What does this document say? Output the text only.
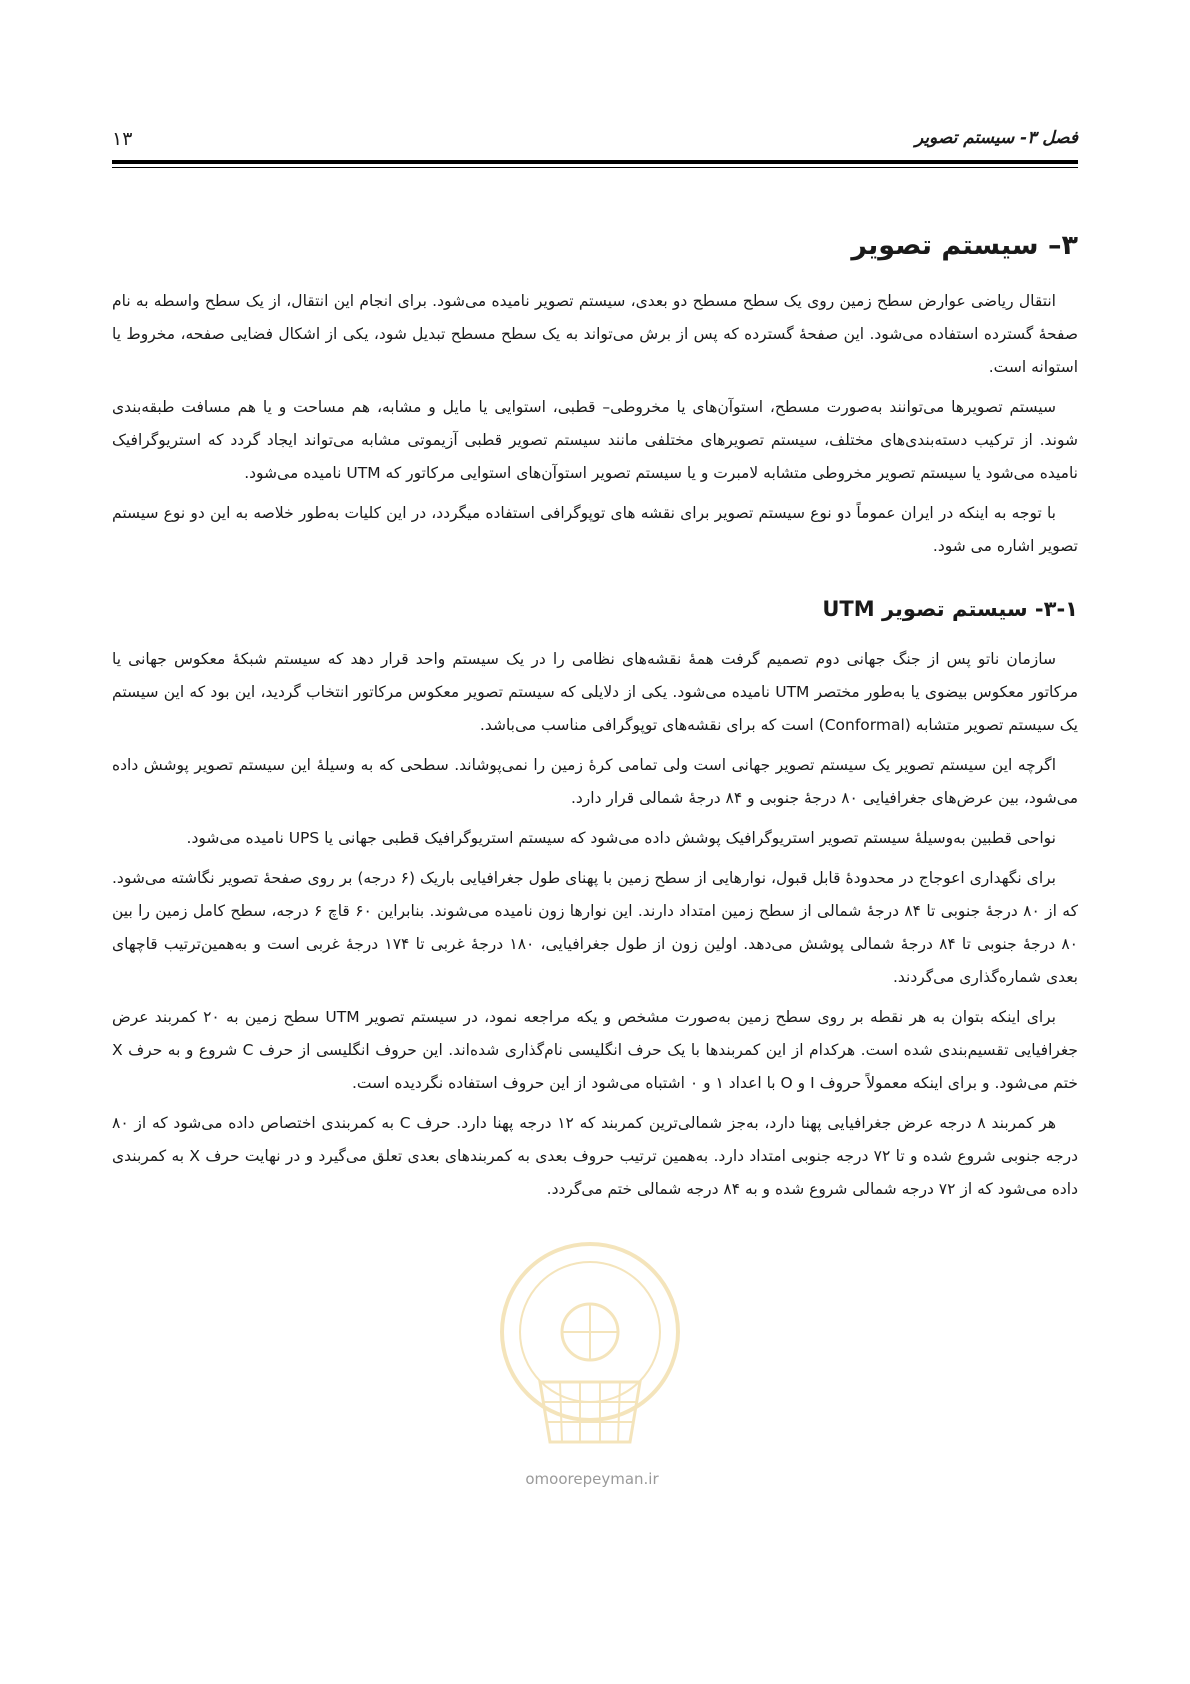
فصل ۳- سیستم تصویر
۱۳
۳– سیستم تصویر

انتقال ریاضی عوارض سطح زمین روی یک سطح مسطح دو بعدی، سیستم تصویر نامیده می‌شود. برای انجام این انتقال، از یک سطح واسطه به نام صفحهٔ گسترده استفاده می‌شود. این صفحهٔ گسترده که پس از برش می‌تواند به یک سطح مسطح تبدیل شود، یکی از اشکال فضایی صفحه، مخروط یا استوانه است.

سیستم تصویرها می‌توانند به‌صورت مسطح، استوآن‌های یا مخروطی– قطبی، استوایی یا مایل و مشابه، هم مساحت و یا هم مسافت طبقه‌بندی شوند. از ترکیب دسته‌بندی‌های مختلف، سیستم تصویرهای مختلفی مانند سیستم تصویر قطبی آزیموتی مشابه می‌تواند ایجاد گردد که استریوگرافیک نامیده می‌شود یا سیستم تصویر مخروطی متشابه لامبرت و یا سیستم تصویر استوآن‌های استوایی مرکاتور که UTM نامیده می‌شود.

با توجه به اینکه در ایران عموماً دو نوع سیستم تصویر برای نقشه های توپوگرافی استفاده میگردد، در این کلیات به‌طور خلاصه به این دو نوع سیستم تصویر اشاره می شود.

۳-۱- سیستم تصویر UTM

سازمان ناتو پس از جنگ جهانی دوم تصمیم گرفت همهٔ نقشه‌های نظامی را در یک سیستم واحد قرار دهد که سیستم شبکهٔ معکوس جهانی یا مرکاتور معکوس بیضوی یا به‌طور مختصر UTM نامیده می‌شود. یکی از دلایلی که سیستم تصویر معکوس مرکاتور انتخاب گردید، این بود که این سیستم یک سیستم تصویر متشابه (Conformal) است که برای نقشه‌های توپوگرافی مناسب می‌باشد.

اگرچه این سیستم تصویر یک سیستم تصویر جهانی است ولی تمامی کرهٔ زمین را نمی‌پوشاند. سطحی که به وسیلهٔ این سیستم تصویر پوشش داده می‌شود، بین عرض‌های جغرافیایی ۸۰ درجهٔ جنوبی و ۸۴ درجهٔ شمالی قرار دارد.

نواحی قطبین به‌وسیلهٔ سیستم تصویر استریوگرافیک پوشش داده می‌شود که سیستم استریوگرافیک قطبی جهانی یا UPS نامیده می‌شود.

برای نگهداری اعوجاج در محدودهٔ قابل قبول، نوارهایی از سطح زمین با پهنای طول جغرافیایی باریک (۶ درجه) بر روی صفحهٔ تصویر نگاشته می‌شود. که از ۸۰ درجهٔ جنوبی تا ۸۴ درجهٔ شمالی از سطح زمین امتداد دارند. این نوارها زون نامیده می‌شوند. بنابراین ۶۰ قاچ ۶ درجه، سطح کامل زمین را بین ۸۰ درجهٔ جنوبی تا ۸۴ درجهٔ شمالی پوشش می‌دهد. اولین زون از طول جغرافیایی، ۱۸۰ درجهٔ غربی تا ۱۷۴ درجهٔ غربی است و به‌همین‌ترتیب قاچهای بعدی شماره‌گذاری می‌گردند.

برای اینکه بتوان به هر نقطه بر روی سطح زمین به‌صورت مشخص و یکه مراجعه نمود، در سیستم تصویر UTM سطح زمین به ۲۰ کمربند عرض جغرافیایی تقسیم‌بندی شده است. هرکدام از این کمربندها با یک حرف انگلیسی نام‌گذاری شده‌اند. این حروف انگلیسی از حرف C شروع و به حرف X ختم می‌شود. و برای اینکه معمولاً حروف I و O با اعداد ۱ و ۰ اشتباه می‌شود از این حروف استفاده نگردیده است.

هر کمربند ۸ درجه عرض جغرافیایی پهنا دارد، به‌جز شمالی‌ترین کمربند که ۱۲ درجه پهنا دارد. حرف C به کمربندی اختصاص داده می‌شود که از ۸۰ درجه جنوبی شروع شده و تا ۷۲ درجه جنوبی امتداد دارد. به‌همین ترتیب حروف بعدی به کمربندهای بعدی تعلق می‌گیرد و در نهایت حرف X به کمربندی داده می‌شود که از ۷۲ درجه شمالی شروع شده و به ۸۴ درجه شمالی ختم می‌گردد.

omoorepeyman.ir
